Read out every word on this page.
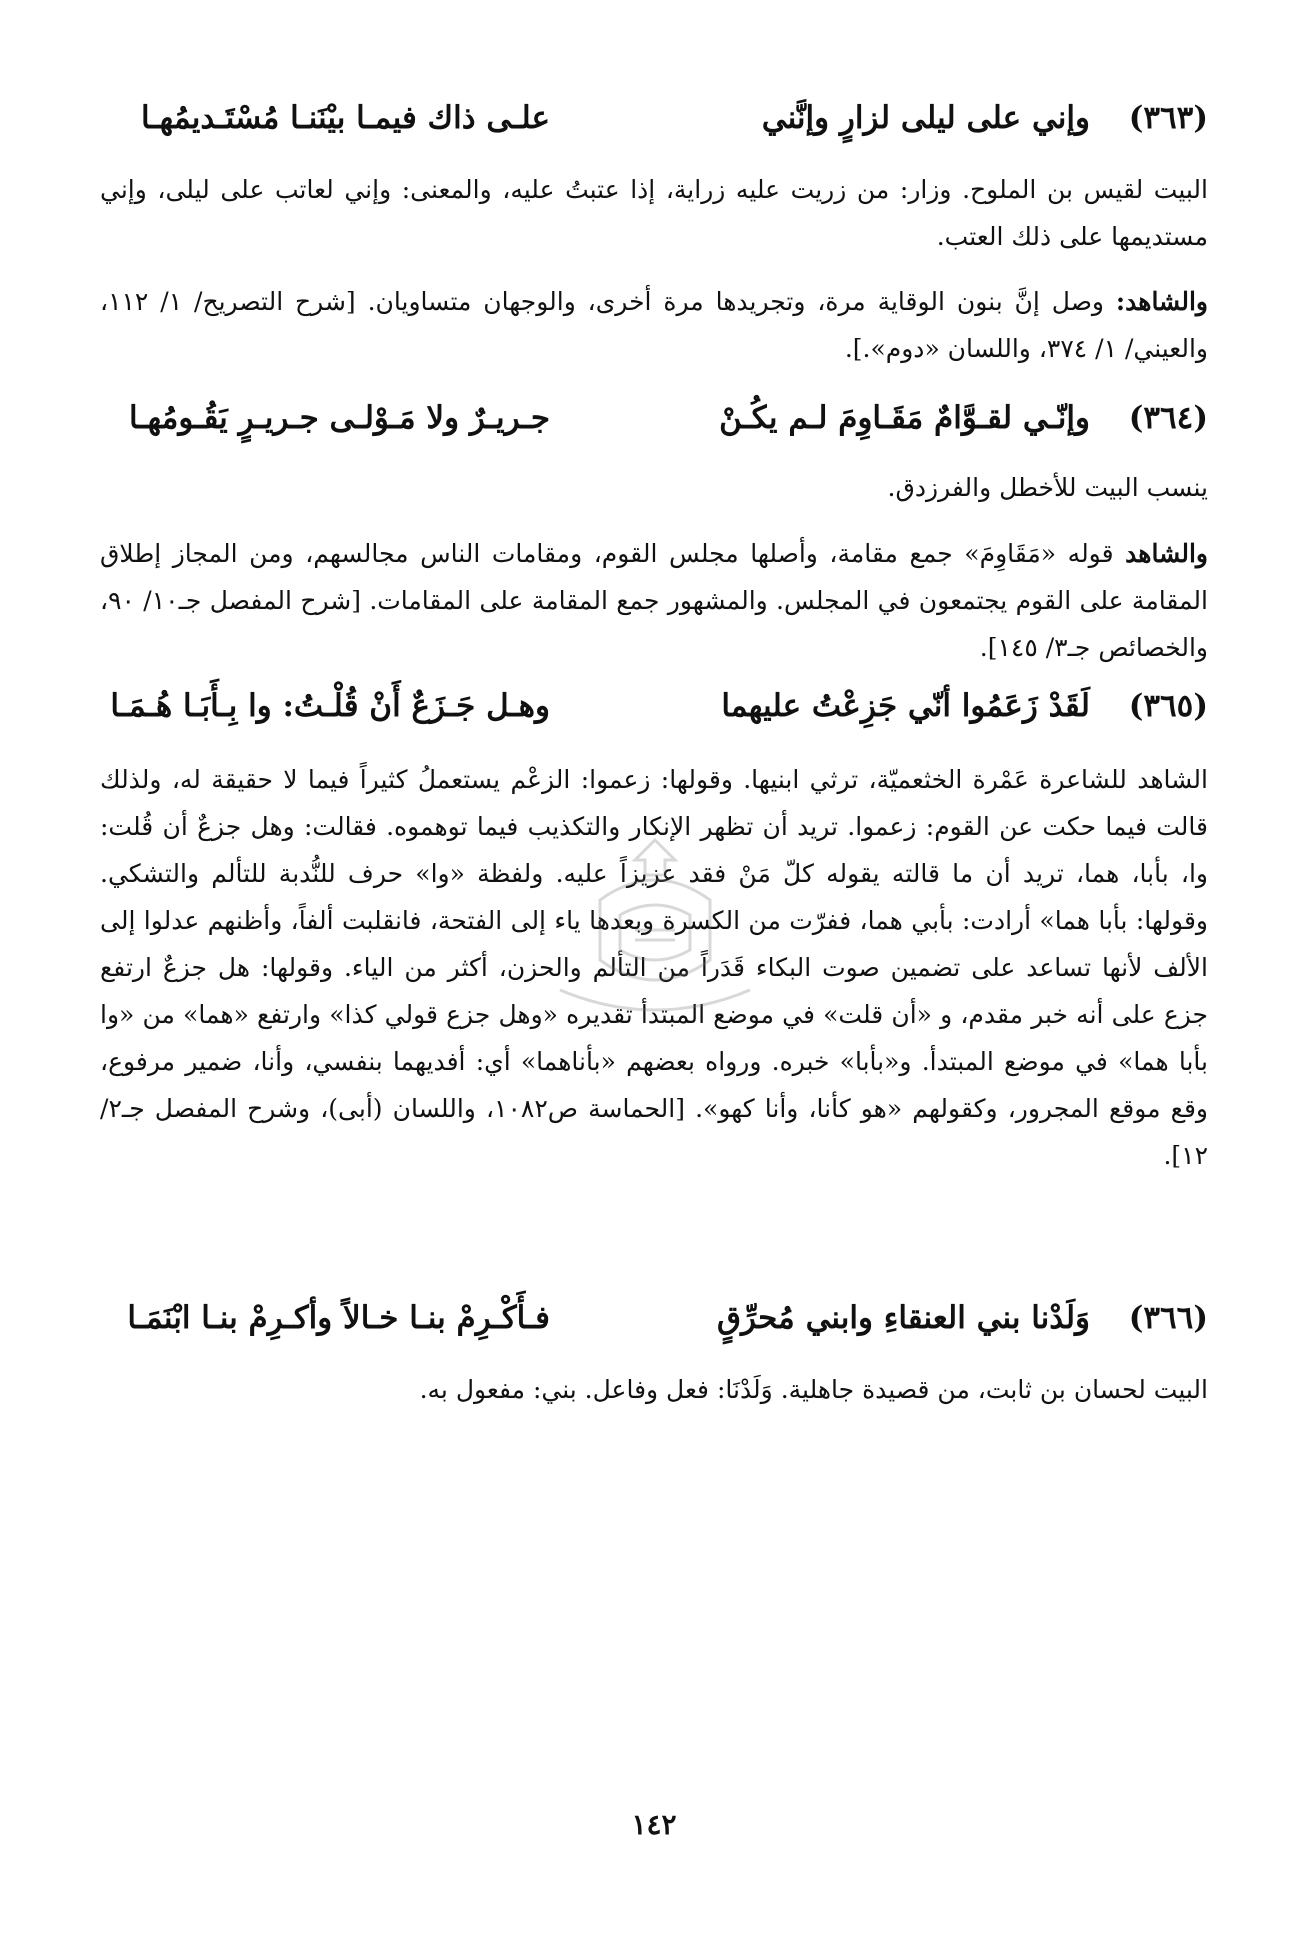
(٣٦٣)
وإني على ليلى لزارٍ وإنَّني
علـى ذاك فيمـا بيْنَنـا مُسْتَـديمُهـا
البيت لقيس بن الملوح. وزار: من زريت عليه زراية، إذا عتبتُ عليه، والمعنى: وإني لعاتب على ليلى، وإني مستديمها على ذلك العتب.
والشاهد: وصل إنَّ بنون الوقاية مرة، وتجريدها مرة أخرى، والوجهان متساويان. [شرح التصريح/ ١/ ١١٢، والعيني/ ١/ ٣٧٤، واللسان «دوم».].
(٣٦٤)
وإنّـي لقـوَّامٌ مَقَـاوِمَ لـم يكُـنْ
جـريـرٌ ولا مَـوْلـى جـريـرٍ يَقُـومُهـا
ينسب البيت للأخطل والفرزدق.
والشاهد قوله «مَقَاوِمَ» جمع مقامة، وأصلها مجلس القوم، ومقامات الناس مجالسهم، ومن المجاز إطلاق المقامة على القوم يجتمعون في المجلس. والمشهور جمع المقامة على المقامات. [شرح المفصل جـ١٠/ ٩٠، والخصائص جـ٣/ ١٤٥].
(٣٦٥)
لَقَدْ زَعَمُوا أنّي جَزِعْتُ عليهما
وهـل جَـزَعٌ أَنْ قُلْـتُ: وا بِـأَبَـا هُـمَـا
الشاهد للشاعرة عَمْرة الخثعميّة، ترثي ابنيها. وقولها: زعموا: الزعْم يستعملُ كثيراً فيما لا حقيقة له، ولذلك قالت فيما حكت عن القوم: زعموا. تريد أن تظهر الإنكار والتكذيب فيما توهموه. فقالت: وهل جزعٌ أن قُلت: وا، بأبا، هما، تريد أن ما قالته يقوله كلّ مَنْ فقد عزيزاً عليه. ولفظة «وا» حرف للنُّدبة للتألم والتشكي. وقولها: بأبا هما» أرادت: بأبي هما، ففرّت من الكسرة وبعدها ياء إلى الفتحة، فانقلبت ألفاً، وأظنهم عدلوا إلى الألف لأنها تساعد على تضمين صوت البكاء قَدَراً من التألم والحزن، أكثر من الياء. وقولها: هل جزعٌ ارتفع جزع على أنه خبر مقدم، و «أن قلت» في موضع المبتدأ تقديره «وهل جزع قولي كذا» وارتفع «هما» من «وا بأبا هما» في موضع المبتدأ. و«بأبا» خبره. ورواه بعضهم «بأناهما» أي: أفديهما بنفسي، وأنا، ضمير مرفوع، وقع موقع المجرور، وكقولهم «هو كأنا، وأنا كهو». [الحماسة ص١٠٨٢، واللسان (أبى)، وشرح المفصل جـ٢/ ١٢].
(٣٦٦)
وَلَدْنا بني العنقاءِ وابني مُحرِّقٍ
فـأَكْـرِمْ بنـا خـالاً وأكـرِمْ بنـا ابْنَمَـا
البيت لحسان بن ثابت، من قصيدة جاهلية. وَلَدْنَا: فعل وفاعل. بني: مفعول به.
١٤٢
